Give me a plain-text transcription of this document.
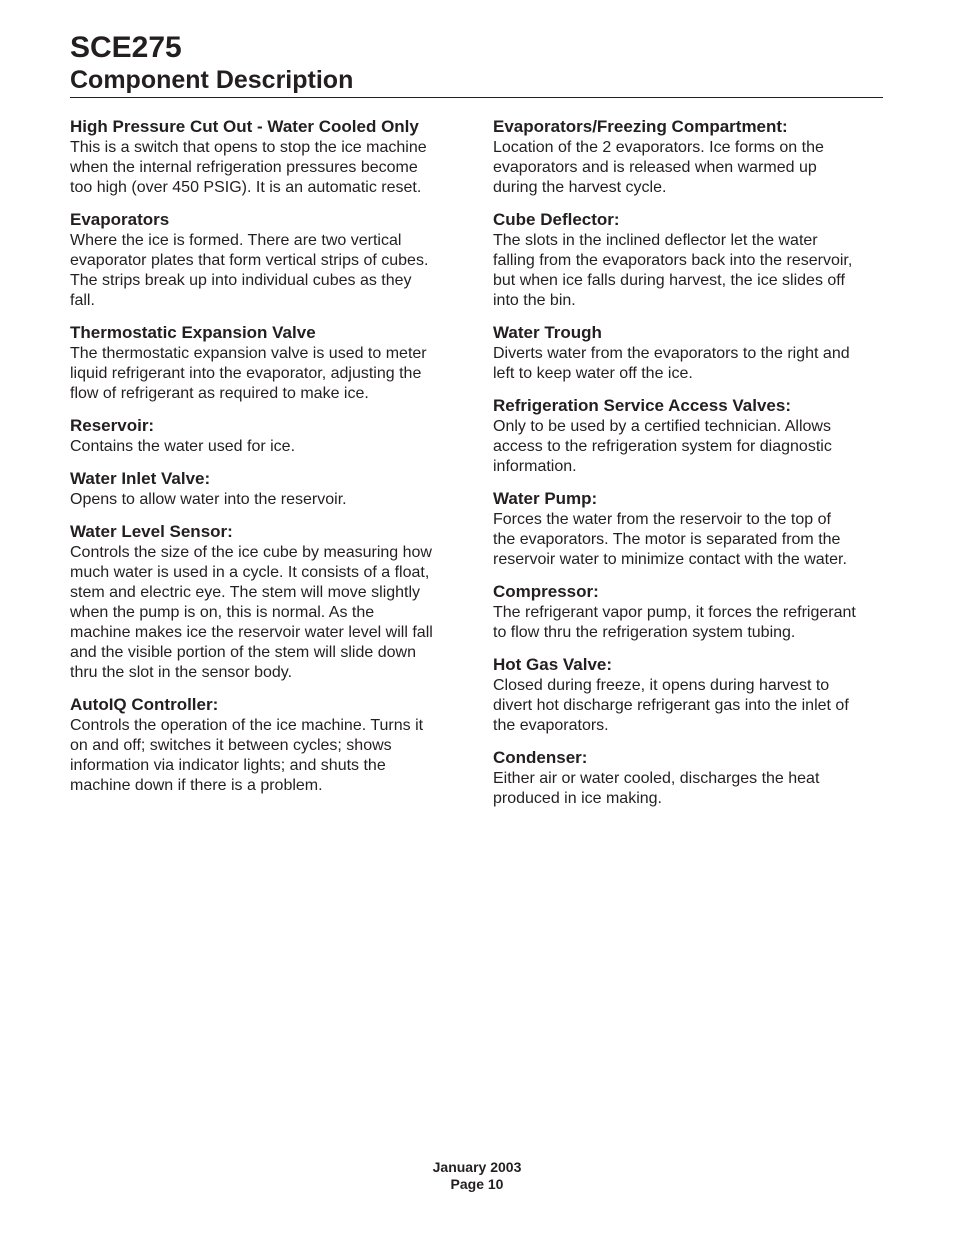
SCE275
Component Description
High Pressure Cut Out - Water Cooled Only

This is a switch that opens to stop the ice machine
when the internal refrigeration pressures become
too high (over 450 PSIG). It is an automatic reset.

Evaporators

Where the ice is formed. There are two vertical
evaporator plates that form vertical strips of cubes.
The strips break up into individual cubes as they
fall.

Thermostatic Expansion Valve

The thermostatic expansion valve is used to meter
liquid refrigerant into the evaporator, adjusting the
flow of refrigerant as required to make ice.

Reservoir:

Contains the water used for ice.

Water Inlet Valve:

Opens to allow water into the reservoir.

Water Level Sensor:

Controls the size of the ice cube by measuring how
much water is used in a cycle. It consists of a float,
stem and electric eye. The stem will move slightly
when the pump is on, this is normal. As the
machine makes ice the reservoir water level will fall
and the visible portion of the stem will slide down
thru the slot in the sensor body.

AutoIQ Controller:

Controls the operation of the ice machine. Turns it
on and off; switches it between cycles; shows
information via indicator lights; and shuts the
machine down if there is a problem.

Evaporators/Freezing Compartment:

Location of the 2 evaporators. Ice forms on the
evaporators and is released when warmed up
during the harvest cycle.

Cube Deflector:

The slots in the inclined deflector let the water
falling from the evaporators back into the reservoir,
but when ice falls during harvest, the ice slides off
into the bin.

Water Trough

Diverts water from the evaporators to the right and
left to keep water off the ice.

Refrigeration Service Access Valves:

Only to be used by a certified technician. Allows
access to the refrigeration system for diagnostic
information.

Water Pump:

Forces the water from the reservoir to the top of
the evaporators. The motor is separated from the
reservoir water to minimize contact with the water.

Compressor:

The refrigerant vapor pump, it forces the refrigerant
to flow thru the refrigeration system tubing.

Hot Gas Valve:

Closed during freeze, it opens during harvest to
divert hot discharge refrigerant gas into the inlet of
the evaporators.

Condenser:

Either air or water cooled, discharges the heat
produced in ice making.

January 2003
Page 10
